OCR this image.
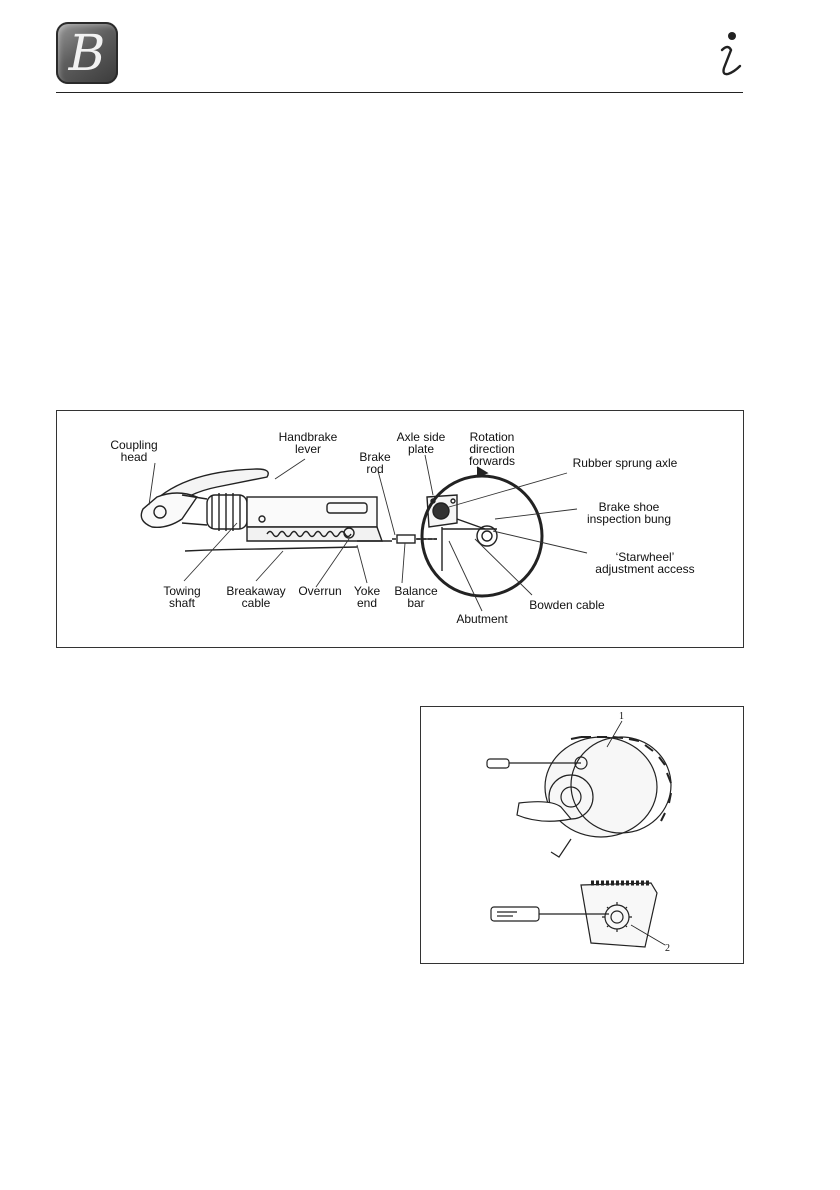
B
Coupling
head
Handbrake
lever
Brake
rod
Axle side
plate
Rotation
direction
forwards	Rubber sprung axle
Brake shoe
inspection bung
‘Starwheel’
adjustment access
Bowden cable
Abutment
Towing
shaft
Breakaway
cable
Overrun	Yoke
end
Balance
bar
1
2
